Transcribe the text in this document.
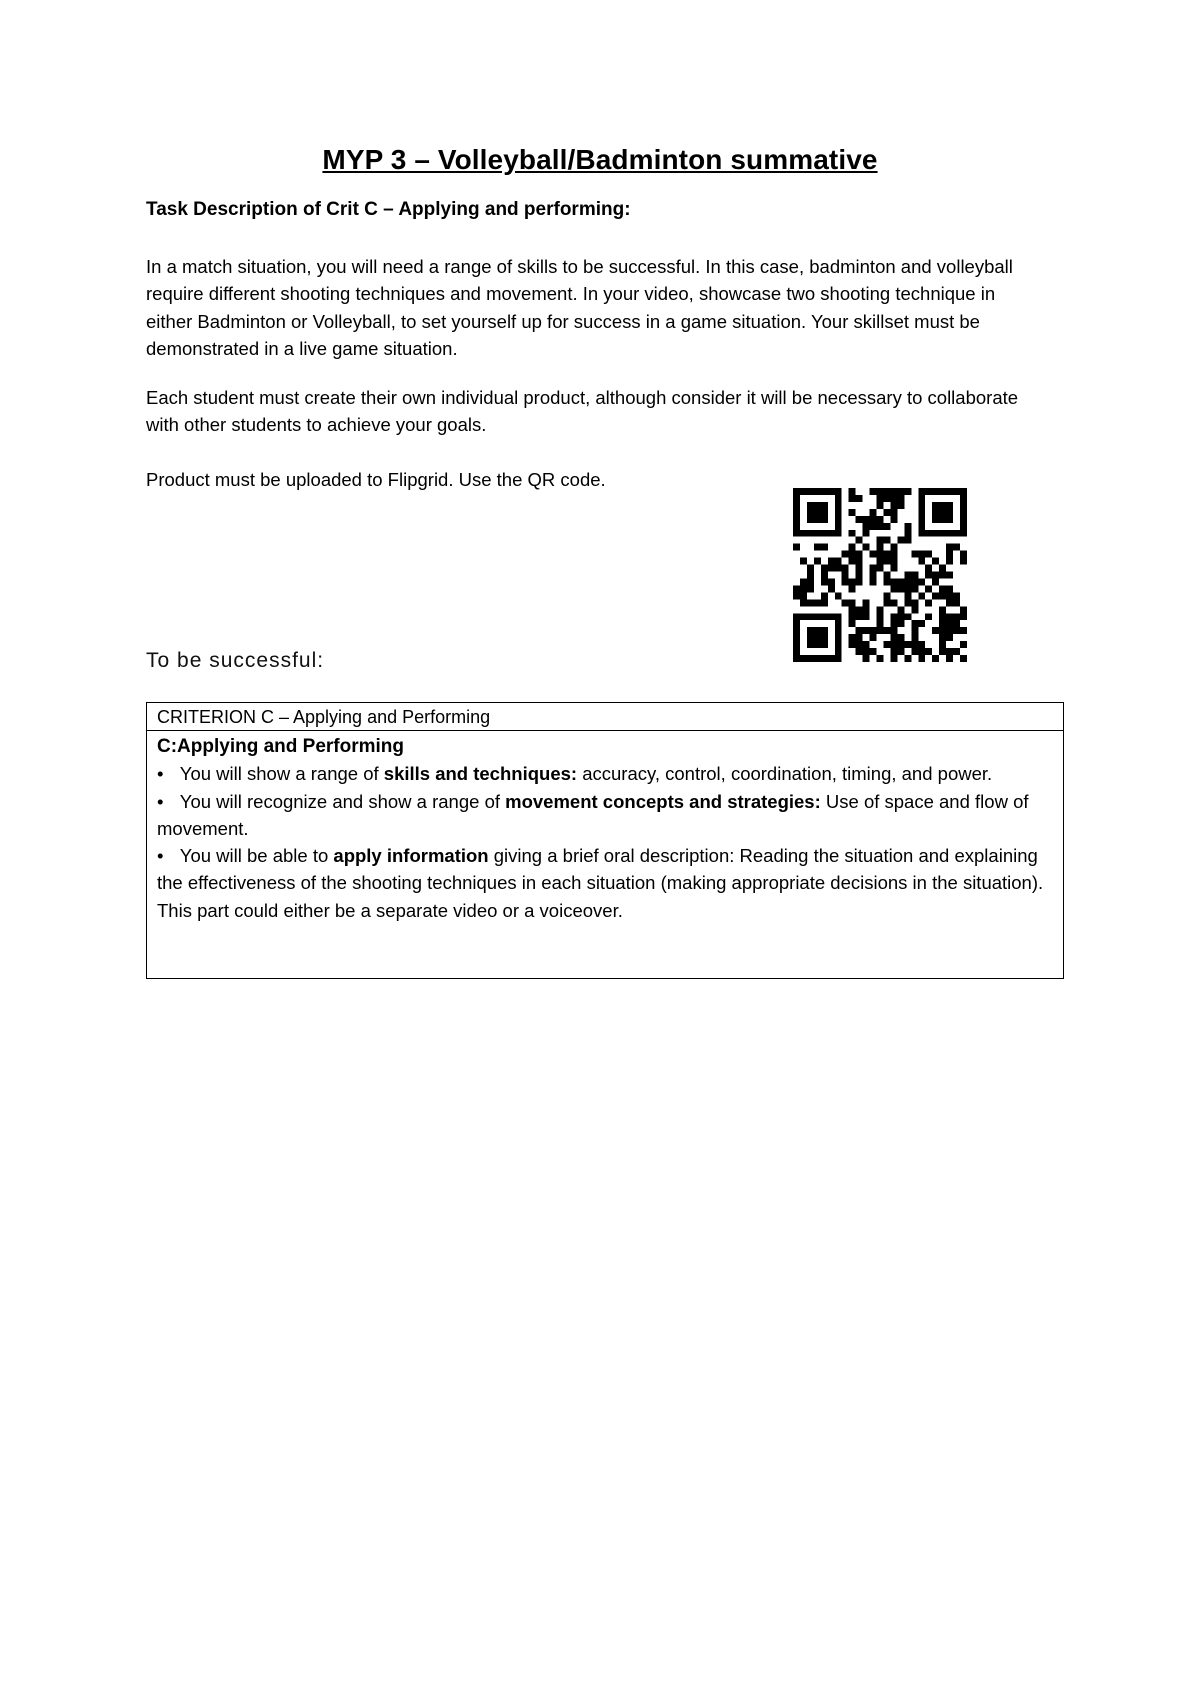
MYP 3 – Volleyball/Badminton summative
Task Description of Crit C – Applying and performing:
In a match situation, you will need a range of skills to be successful. In this case, badminton and volleyball require different shooting techniques and movement. In your video, showcase two shooting technique in either Badminton or Volleyball, to set yourself up for success in a game situation. Your skillset must be demonstrated in a live game situation.
Each student must create their own individual product, although consider it will be necessary to collaborate with other students to achieve your goals.
Product must be uploaded to Flipgrid. Use the QR code.
To be successful:
CRITERION C – Applying and Performing
C:Applying and Performing
• You will show a range of skills and techniques: accuracy, control, coordination, timing, and power.
• You will recognize and show a range of movement concepts and strategies: Use of space and flow of movement.
• You will be able to apply information giving a brief oral description: Reading the situation and explaining the effectiveness of the shooting techniques in each situation (making appropriate decisions in the situation). This part could either be a separate video or a voiceover.
